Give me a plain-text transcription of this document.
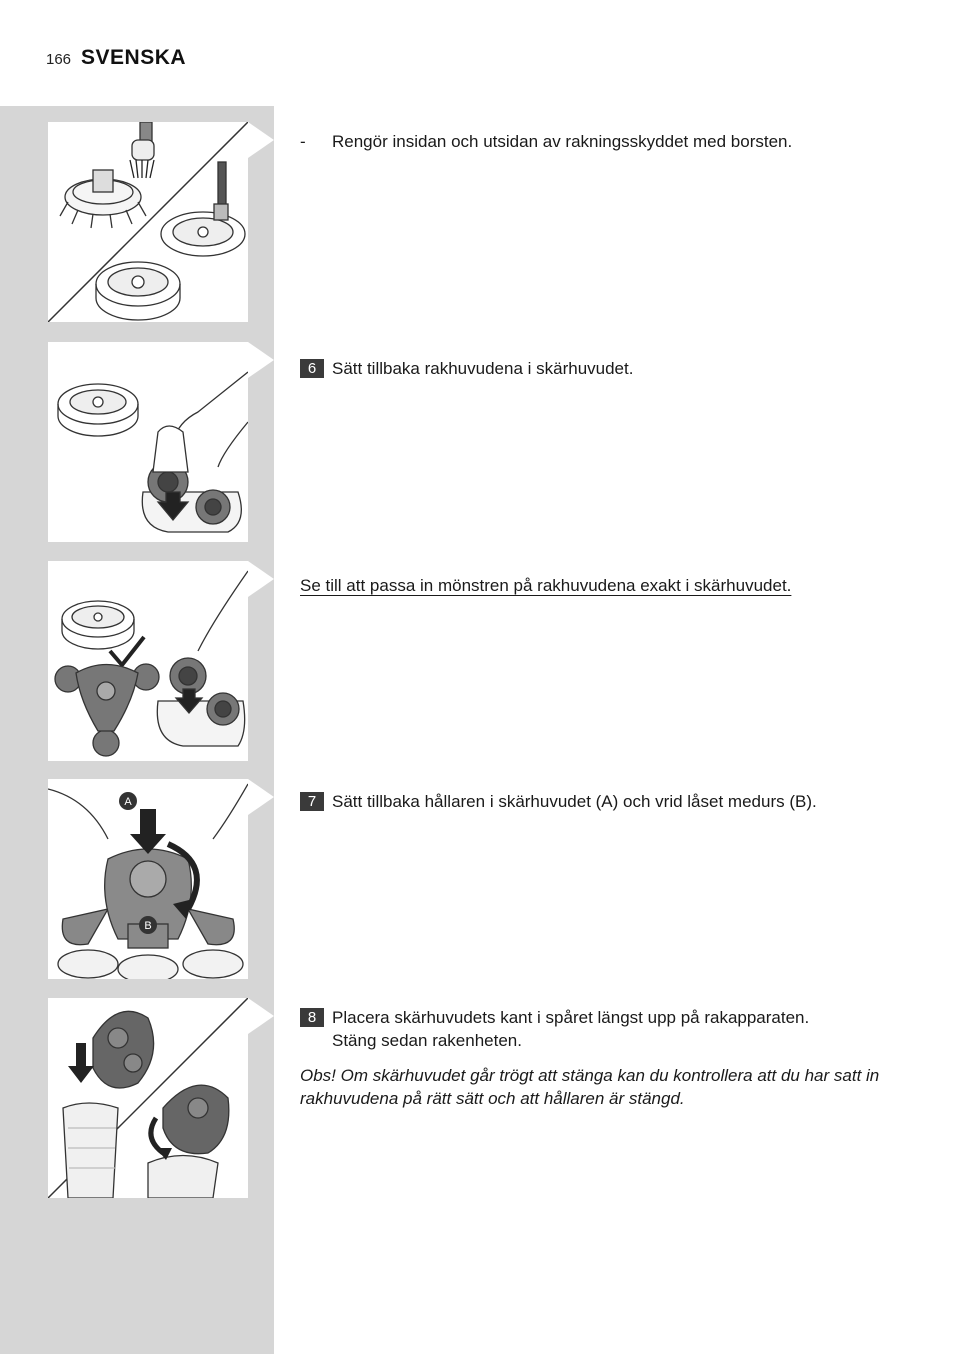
166 SVENSKA
A
B
-	Rengör insidan och utsidan av rakningsskyddet med borsten.
6 Sätt tillbaka rakhuvudena i skärhuvudet.
Se till att passa in mönstren på rakhuvudena exakt i skärhuvudet.
7 Sätt tillbaka hållaren i skärhuvudet (A) och vrid låset medurs (B).
8 Placera skärhuvudets kant i spåret längst upp på rakapparaten.
Stäng sedan rakenheten.
Obs! Om skärhuvudet går trögt att stänga kan du kontrollera att du har satt in rakhuvudena på rätt sätt och att hållaren är stängd.
